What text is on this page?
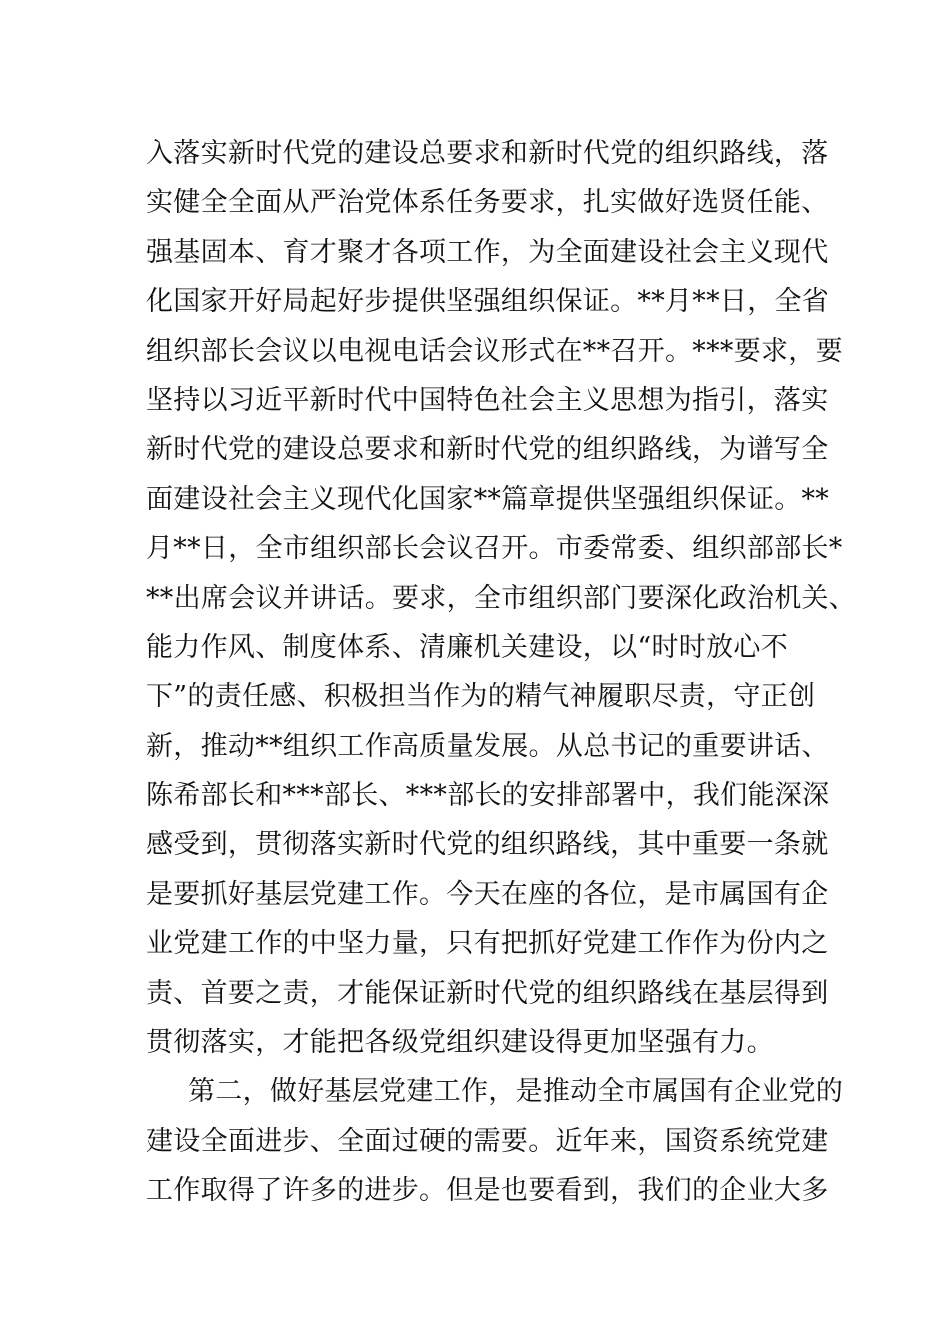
入落实新时代党的建设总要求和新时代党的组织路线，落
实健全全面从严治党体系任务要求，扎实做好选贤任能、
强基固本、育才聚才各项工作，为全面建设社会主义现代
化国家开好局起好步提供坚强组织保证。**月**日，全省
组织部长会议以电视电话会议形式在**召开。***要求，要
坚持以习近平新时代中国特色社会主义思想为指引，落实
新时代党的建设总要求和新时代党的组织路线，为谱写全
面建设社会主义现代化国家**篇章提供坚强组织保证。**
月**日，全市组织部长会议召开。市委常委、组织部部长*
**出席会议并讲话。要求，全市组织部门要深化政治机关、
能力作风、制度体系、清廉机关建设，以“时时放心不
下”的责任感、积极担当作为的精气神履职尽责，守正创
新，推动**组织工作高质量发展。从总书记的重要讲话、
陈希部长和***部长、***部长的安排部署中，我们能深深
感受到，贯彻落实新时代党的组织路线，其中重要一条就
是要抓好基层党建工作。今天在座的各位，是市属国有企
业党建工作的中坚力量，只有把抓好党建工作作为份内之
责、首要之责，才能保证新时代党的组织路线在基层得到
贯彻落实，才能把各级党组织建设得更加坚强有力。
第二，做好基层党建工作，是推动全市属国有企业党的
建设全面进步、全面过硬的需要。近年来，国资系统党建
工作取得了许多的进步。但是也要看到，我们的企业大多
